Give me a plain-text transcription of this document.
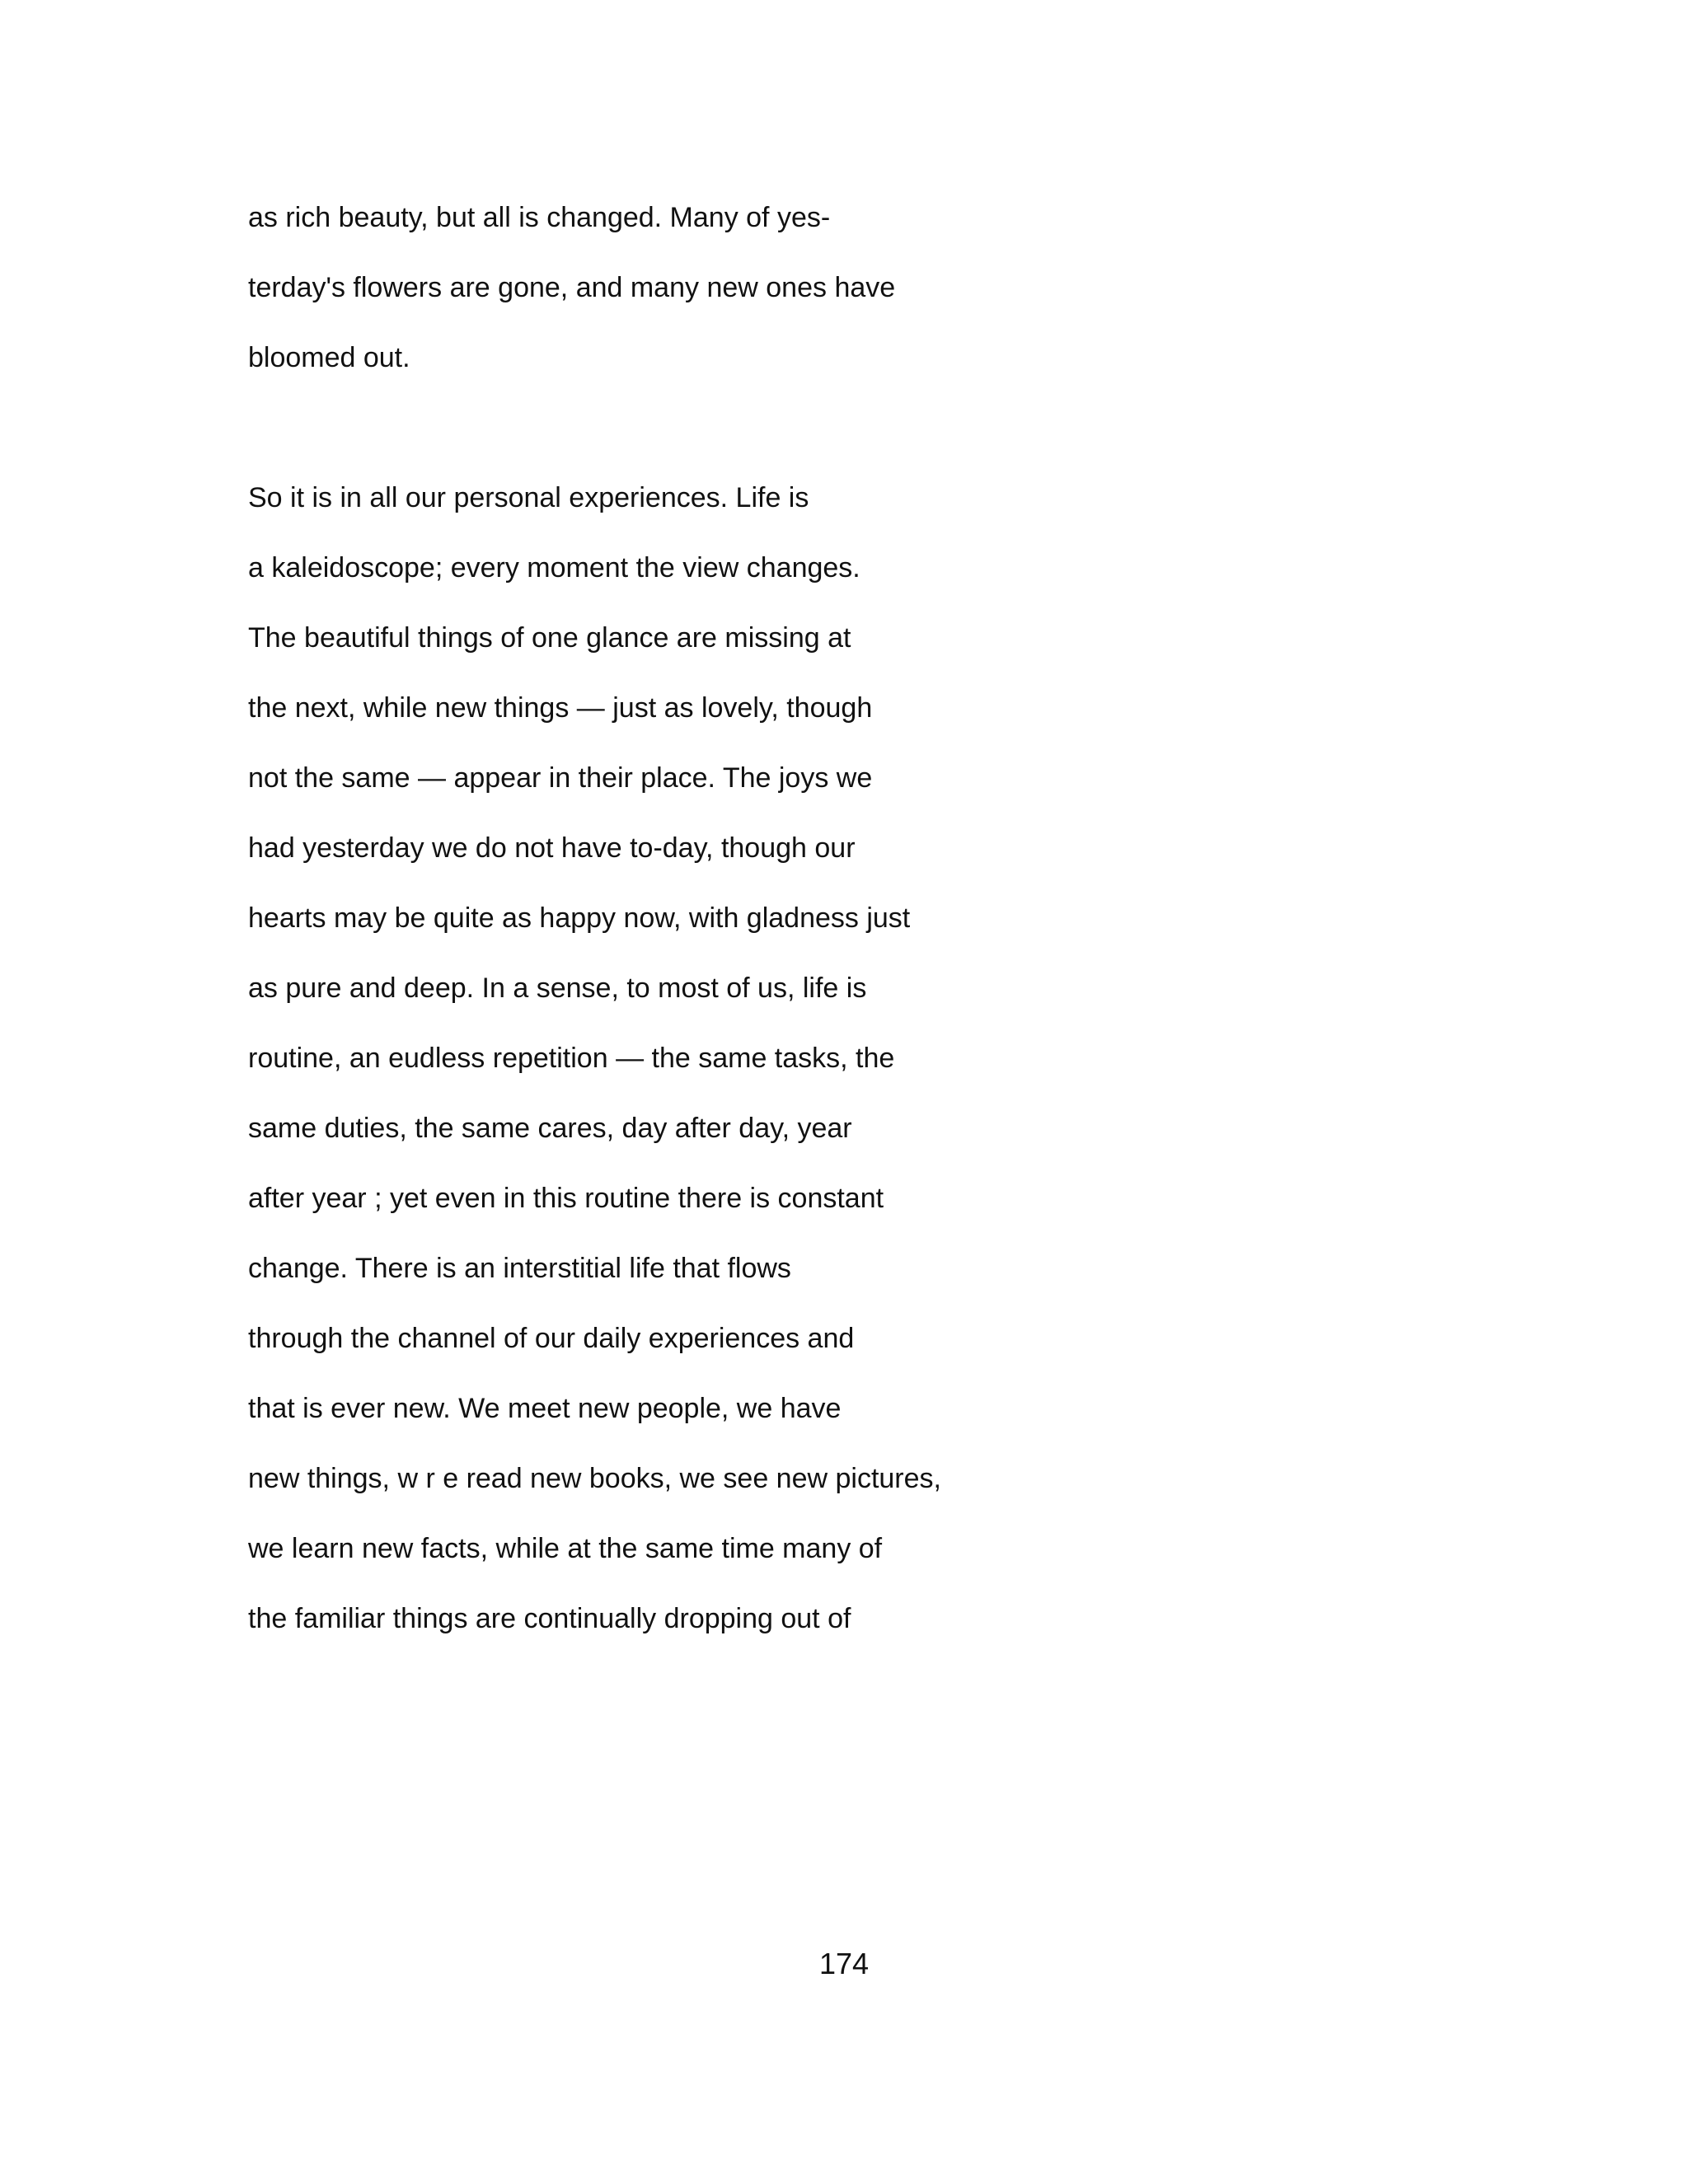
as rich beauty, but all is changed. Many of yes-
terday's flowers are gone, and many new ones have
bloomed out.
So it is in all our personal experiences. Life is
a kaleidoscope; every moment the view changes.
The beautiful things of one glance are missing at
the next, while new things — just as lovely, though
not the same — appear in their place. The joys we
had yesterday we do not have to-day, though our
hearts may be quite as happy now, with gladness just
as pure and deep. In a sense, to most of us, life is
routine, an eudless repetition — the same tasks, the
same duties, the same cares, day after day, year
after year ; yet even in this routine there is constant
change. There is an interstitial life that flows
through the channel of our daily experiences and
that is ever new. We meet new people, we have
new things, w r e read new books, we see new pictures,
we learn new facts, while at the same time many of
the familiar things are continually dropping out of
174
